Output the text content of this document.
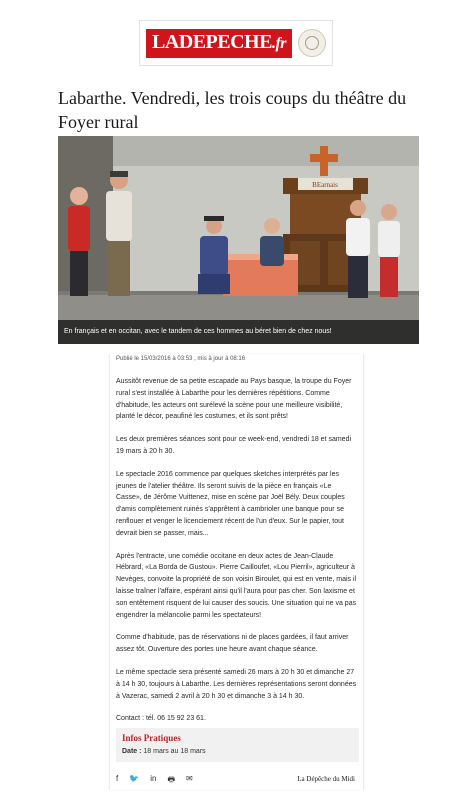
LADEPECHE.fr
Labarthe. Vendredi, les trois coups du théâtre du Foyer rural
BEarnais
En français et en occitan, avec le tandem de ces hommes au béret bien de chez nous!
Publié le 15/03/2016 à 03:53 , mis à jour à 08:16

Aussitôt revenue de sa petite escapade au Pays basque, la troupe du Foyer rural s'est installée à Labarthe pour les dernières répétitions. Comme d'habitude, les acteurs ont surélevé la scène pour une meilleure visibilité, planté le décor, peaufiné les costumes, et ils sont prêts!

Les deux premières séances sont pour ce week-end, vendredi 18 et samedi 19 mars à 20 h 30.

Le spectacle 2016 commence par quelques sketches interprétés par les jeunes de l'atelier théâtre. Ils seront suivis de la pièce en français «Le Casse», de Jérôme Vuittenez, mise en scène par Joël Bély. Deux couples d'amis complètement ruinés s'apprêtent à cambrioler une banque pour se renflouer et venger le licenciement récent de l'un d'eux. Sur le papier, tout devrait bien se passer, mais...

Après l'entracte, une comédie occitane en deux actes de Jean-Claude Hébrard, «La Borda de Gustou». Pierre Cailloufet, «Lou Pierril», agriculteur à Nevèges, convoite la propriété de son voisin Biroulet, qui est en vente, mais il laisse traîner l'affaire, espérant ainsi qu'il l'aura pour pas cher. Son laxisme et son entêtement risquent de lui causer des soucis. Une situation qui ne va pas engendrer la mélancolie parmi les spectateurs!

Comme d'habitude, pas de réservations ni de places gardées, il faut arriver assez tôt. Ouverture des portes une heure avant chaque séance.

Le même spectacle sera présenté samedi 26 mars à 20 h 30 et dimanche 27 à 14 h 30, toujours à Labarthe. Les dernières représentations seront données à Vazerac, samedi 2 avril à 20 h 30 et dimanche 3 à 14 h 30.

Contact : tél. 06 15 92 23 61.

Infos Pratiques
Date : 18 mars au 18 mars
f 🐦 in 🖶 ✉	La Dépêche du Midi
